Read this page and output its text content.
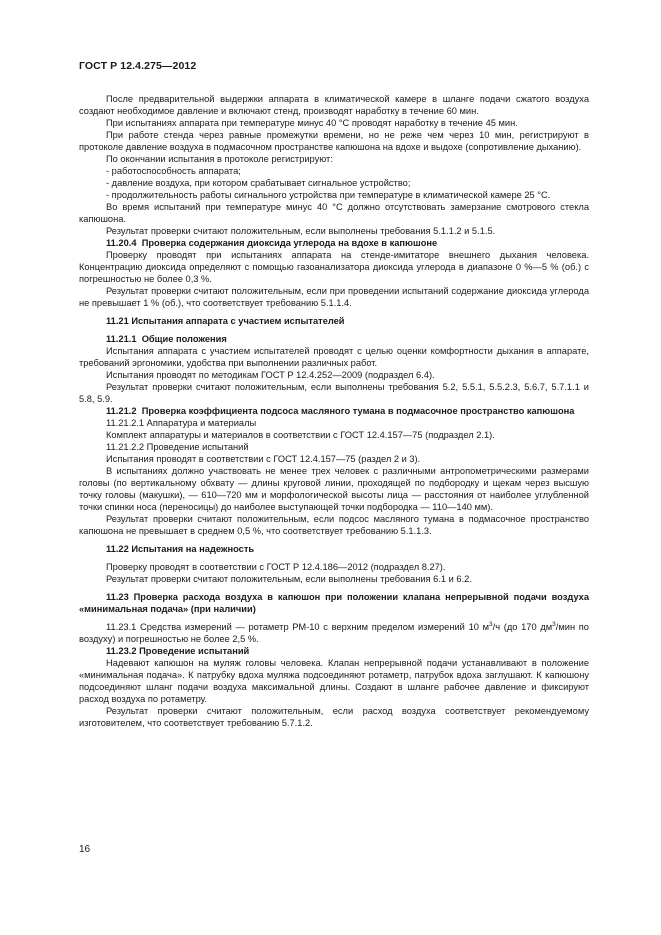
ГОСТ Р 12.4.275—2012

После предварительной выдержки аппарата в климатической камере в шланге подачи сжатого воздуха создают необходимое давление и включают стенд, производят наработку в течение 60 мин.

При испытаниях аппарата при температуре минус 40 °С проводят наработку в течение 45 мин.

При работе стенда через равные промежутки времени, но не реже чем через 10 мин, регистрируют в протоколе давление воздуха в подмасочном пространстве капюшона на вдохе и выдохе (сопротивление дыханию).

По окончании испытания в протоколе регистрируют:

- работоспособность аппарата;

- давление воздуха, при котором срабатывает сигнальное устройство;

- продолжительность работы сигнального устройства при температуре в климатической камере 25 °С.

Во время испытаний при температуре минус 40 °С должно отсутствовать замерзание смотрового стекла капюшона.

Результат проверки считают положительным, если выполнены требования 5.1.1.2 и 5.1.5.

11.20.4 Проверка содержания диоксида углерода на вдохе в капюшоне

Проверку проводят при испытаниях аппарата на стенде-имитаторе внешнего дыхания человека. Концентрацию диоксида определяют с помощью газоанализатора диоксида углерода в диапазоне 0 %—5 % (об.) с погрешностью не более 0,3 %.

Результат проверки считают положительным, если при проведении испытаний содержание диоксида углерода не превышает 1 % (об.), что соответствует требованию 5.1.1.4.

11.21 Испытания аппарата с участием испытателей

11.21.1 Общие положения

Испытания аппарата с участием испытателей проводят с целью оценки комфортности дыхания в аппарате, требований эргономики, удобства при выполнении различных работ.

Испытания проводят по методикам ГОСТ Р 12.4.252—2009 (подраздел 6.4).

Результат проверки считают положительным, если выполнены требования 5.2, 5.5.1, 5.5.2.3, 5.6.7, 5.7.1.1 и 5.8, 5.9.

11.21.2 Проверка коэффициента подсоса масляного тумана в подмасочное пространство капюшона

11.21.2.1 Аппаратура и материалы

Комплект аппаратуры и материалов в соответствии с ГОСТ 12.4.157—75 (подраздел 2.1).

11.21.2.2 Проведение испытаний

Испытания проводят в соответствии с ГОСТ 12.4.157—75 (раздел 2 и 3).

В испытаниях должно участвовать не менее трех человек с различными антропометрическими размерами головы (по вертикальному обхвату — длины круговой линии, проходящей по подбородку и щекам через высшую точку головы (макушки), — 610—720 мм и морфологической высоты лица — расстояния от наиболее углубленной точки спинки носа (переносицы) до наиболее выступающей точки подбородка — 110—140 мм).

Результат проверки считают положительным, если подсос масляного тумана в подмасочное пространство капюшона не превышает в среднем 0,5 %, что соответствует требованию 5.1.1.3.

11.22 Испытания на надежность

Проверку проводят в соответствии с ГОСТ Р 12.4.186—2012 (подраздел 8.27).

Результат проверки считают положительным, если выполнены требования 6.1 и 6.2.

11.23 Проверка расхода воздуха в капюшон при положении клапана непрерывной подачи воздуха «минимальная подача» (при наличии)

11.23.1 Средства измерений — ротаметр РМ-10 с верхним пределом измерений 10 $м^3/ч$ (до 170 $дм^3$/мин по воздуху) и погрешностью не более 2,5 %.

11.23.2 Проведение испытаний

Надевают капюшон на муляж головы человека. Клапан непрерывной подачи устанавливают в положение «минимальная подача». К патрубку вдоха муляжа подсоединяют ротаметр, патрубок вдоха заглушают. К капюшону подсоединяют шланг подачи воздуха максимальной длины. Создают в шланге рабочее давление и фиксируют расход воздуха по ротаметру.

Результат проверки считают положительным, если расход воздуха соответствует рекомендуемому изготовителем, что соответствует требованию 5.7.1.2.

16
